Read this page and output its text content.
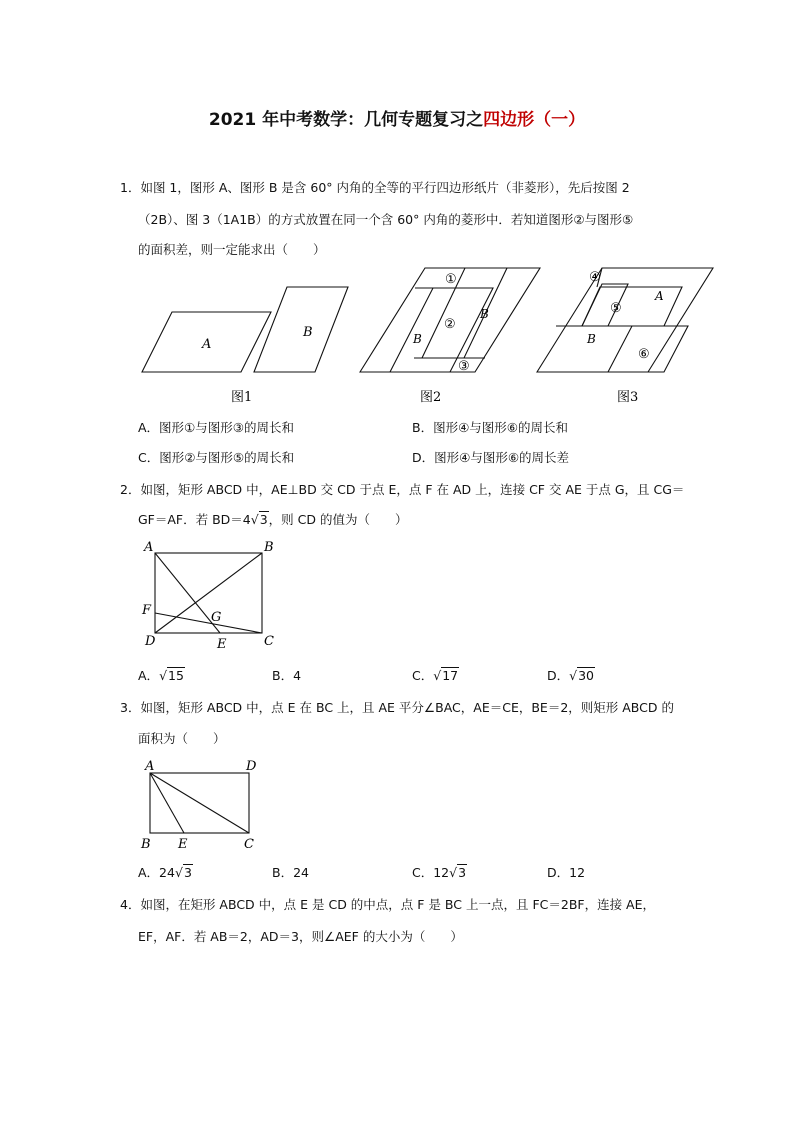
2021 年中考数学：几何专题复习之四边形（一）
1．如图 1，图形 A、图形 B 是含 60° 内角的全等的平行四边形纸片（非菱形），先后按图 2
（2B）、图 3（1A1B）的方式放置在同一个含 60° 内角的菱形中．若知道图形②与图形⑤
的面积差，则一定能求出（　　）
A
B
图1
①
②
③
B
B
图2
④
⑤
⑥
A
B
图3
A．图形①与图形③的周长和	B．图形④与图形⑥的周长和
C．图形②与图形⑤的周长和	D．图形④与图形⑥的周长差
2．如图，矩形 ABCD 中，AE⊥BD 交 CD 于点 E，点 F 在 AD 上，连接 CF 交 AE 于点 G，且 CG＝
GF＝AF．若 BD＝4√3，则 CD 的值为（　　）
A	B
C
D	E
F	G
A．√15	B．4	C．√17	D．√30
3．如图，矩形 ABCD 中，点 E 在 BC 上，且 AE 平分∠BAC，AE＝CE，BE＝2，则矩形 ABCD 的
面积为（　　）
A	D
B E	C
A．24√3	B．24	C．12√3	D．12
4．如图，在矩形 ABCD 中，点 E 是 CD 的中点，点 F 是 BC 上一点，且 FC＝2BF，连接 AE，
EF，AF．若 AB＝2，AD＝3，则∠AEF 的大小为（　　）
